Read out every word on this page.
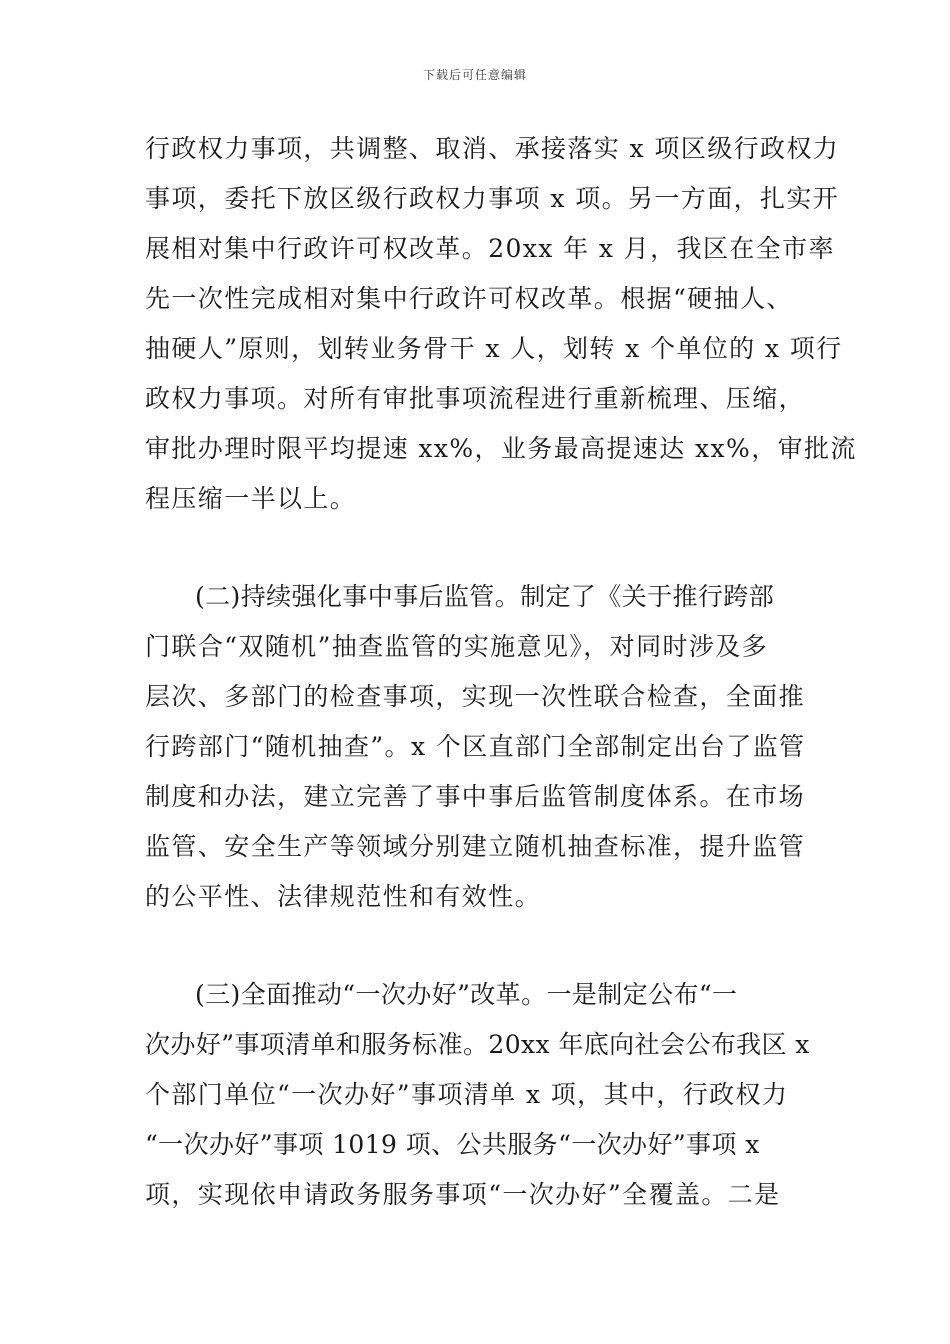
下载后可任意编辑
行政权力事项，共调整、取消、承接落实 x 项区级行政权力
事项，委托下放区级行政权力事项 x 项。另一方面，扎实开
展相对集中行政许可权改革。20xx 年 x 月，我区在全市率
先一次性完成相对集中行政许可权改革。根据“硬抽人、
抽硬人”原则，划转业务骨干 x 人，划转 x 个单位的 x 项行
政权力事项。对所有审批事项流程进行重新梳理、压缩，
审批办理时限平均提速 xx%，业务最高提速达 xx%，审批流
程压缩一半以上。
(二)持续强化事中事后监管。制定了《关于推行跨部
门联合“双随机”抽查监管的实施意见》，对同时涉及多
层次、多部门的检查事项，实现一次性联合检查，全面推
行跨部门“随机抽查”。x 个区直部门全部制定出台了监管
制度和办法，建立完善了事中事后监管制度体系。在市场
监管、安全生产等领域分别建立随机抽查标准，提升监管
的公平性、法律规范性和有效性。
(三)全面推动“一次办好”改革。一是制定公布“一
次办好”事项清单和服务标准。20xx 年底向社会公布我区 x
个部门单位“一次办好”事项清单 x 项，其中，行政权力
“一次办好”事项 1019 项、公共服务“一次办好”事项 x
项，实现依申请政务服务事项“一次办好”全覆盖。二是
